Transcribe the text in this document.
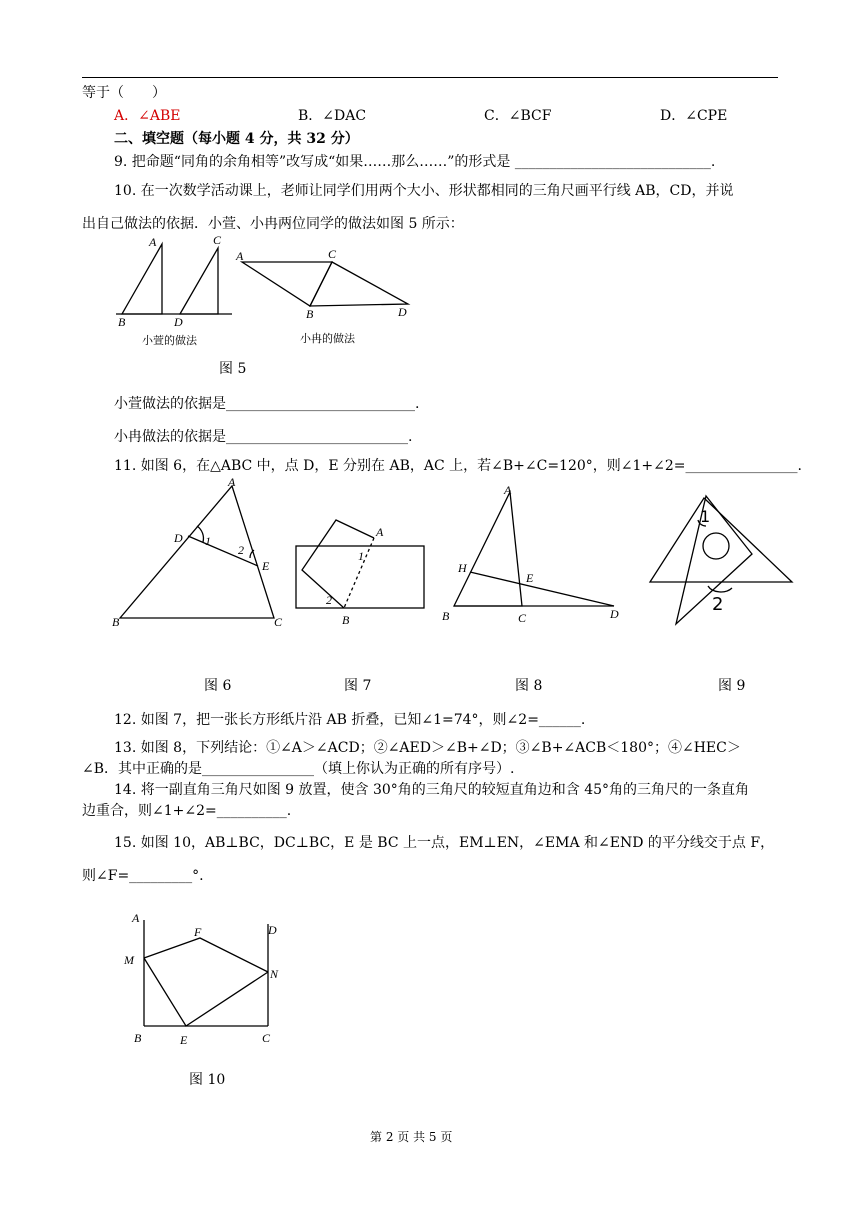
等于（　　）
A．∠ABE	B．∠DAC	C．∠BCF	D．∠CPE
二、填空题（每小题 4 分，共 32 分）
9. 把命题“同角的余角相等”改写成“如果……那么……”的形式是 ____________________________.
10. 在一次数学活动课上，老师让同学们用两个大小、形状都相同的三角尺画平行线 AB，CD，并说
出自己做法的依据．小萱、小冉两位同学的做法如图 5 所示：
A	C
B	D
A	C
B	D
小萱的做法	小冉的做法
图 5
小萱做法的依据是___________________________.
小冉做法的依据是__________________________.
11. 如图 6，在△ABC 中，点 D，E 分别在 AB，AC 上，若∠B+∠C=120°，则∠1+∠2=________________.
A
D 1
2
E
B	C
A
1
2
B
A
H
E
B	C	D
1
2
图 6	图 7	图 8	图 9
12. 如图 7，把一张长方形纸片沿 AB 折叠，已知∠1=74°，则∠2=______.
13. 如图 8，下列结论：①∠A＞∠ACD；②∠AED＞∠B+∠D；③∠B+∠ACB＜180°；④∠HEC＞
∠B．其中正确的是________________（填上你认为正确的所有序号）.
14. 将一副直角三角尺如图 9 放置，使含 30°角的三角尺的较短直角边和含 45°角的三角尺的一条直角
边重合，则∠1+∠2=__________.
15. 如图 10，AB⊥BC，DC⊥BC，E 是 BC 上一点，EM⊥EN，∠EMA 和∠END 的平分线交于点 F，
则∠F=_________°.
A
D
F
M
N
B	E	C
图 10
第 2 页 共 5 页
